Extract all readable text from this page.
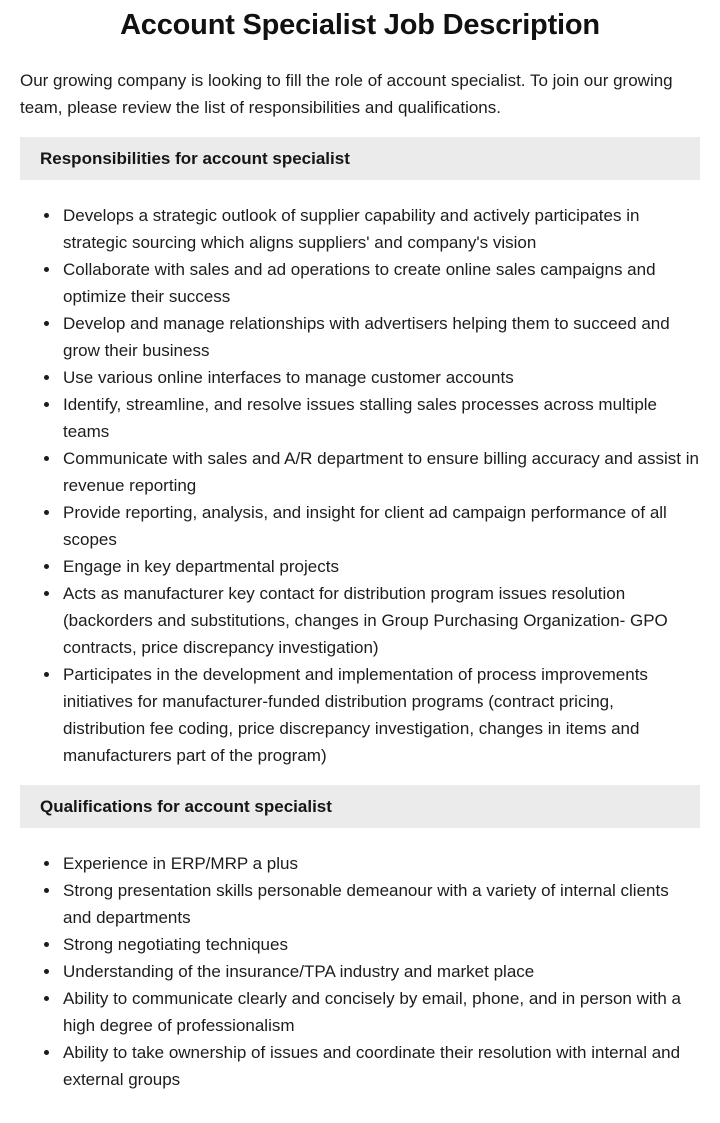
Account Specialist Job Description

Our growing company is looking to fill the role of account specialist. To join our growing team, please review the list of responsibilities and qualifications.

Responsibilities for account specialist
• Develops a strategic outlook of supplier capability and actively participates in strategic sourcing which aligns suppliers' and company's vision
• Collaborate with sales and ad operations to create online sales campaigns and optimize their success
• Develop and manage relationships with advertisers helping them to succeed and grow their business
• Use various online interfaces to manage customer accounts
• Identify, streamline, and resolve issues stalling sales processes across multiple teams
• Communicate with sales and A/R department to ensure billing accuracy and assist in revenue reporting
• Provide reporting, analysis, and insight for client ad campaign performance of all scopes
• Engage in key departmental projects
• Acts as manufacturer key contact for distribution program issues resolution (backorders and substitutions, changes in Group Purchasing Organization- GPO contracts, price discrepancy investigation)
• Participates in the development and implementation of process improvements initiatives for manufacturer-funded distribution programs (contract pricing, distribution fee coding, price discrepancy investigation, changes in items and manufacturers part of the program)
Qualifications for account specialist
• Experience in ERP/MRP a plus
• Strong presentation skills personable demeanour with a variety of internal clients and departments
• Strong negotiating techniques
• Understanding of the insurance/TPA industry and market place
• Ability to communicate clearly and concisely by email, phone, and in person with a high degree of professionalism
• Ability to take ownership of issues and coordinate their resolution with internal and external groups
